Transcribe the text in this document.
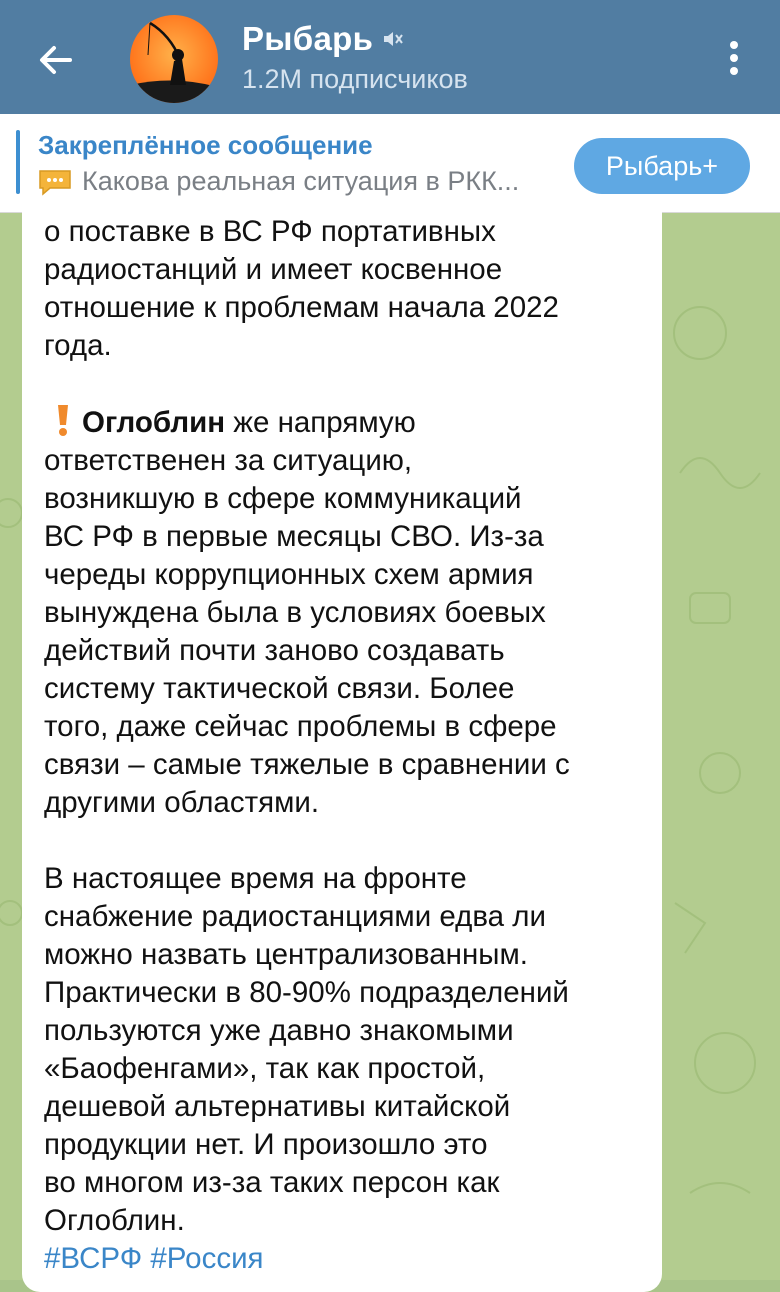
Рыбарь
1.2M подписчиков
Закреплённое сообщение
Какова реальная ситуация в РКК...
Рыбарь+

о поставке в ВС РФ портативных

радиостанций и имеет косвенное

отношение к проблемам начала 2022

года.

Оглоблин же напрямую

ответственен за ситуацию,

возникшую в сфере коммуникаций

ВС РФ в первые месяцы СВО. Из-за

череды коррупционных схем армия

вынуждена была в условиях боевых

действий почти заново создавать

систему тактической связи. Более

того, даже сейчас проблемы в сфере

связи – самые тяжелые в сравнении с

другими областями.

В настоящее время на фронте

снабжение радиостанциями едва ли

можно назвать централизованным.

Практически в 80-90% подразделений

пользуются уже давно знакомыми

«Баофенгами», так как простой,

дешевой альтернативы китайской

продукции нет. И произошло это

во многом из-за таких персон как

Оглоблин.

#ВСРФ #Россия
